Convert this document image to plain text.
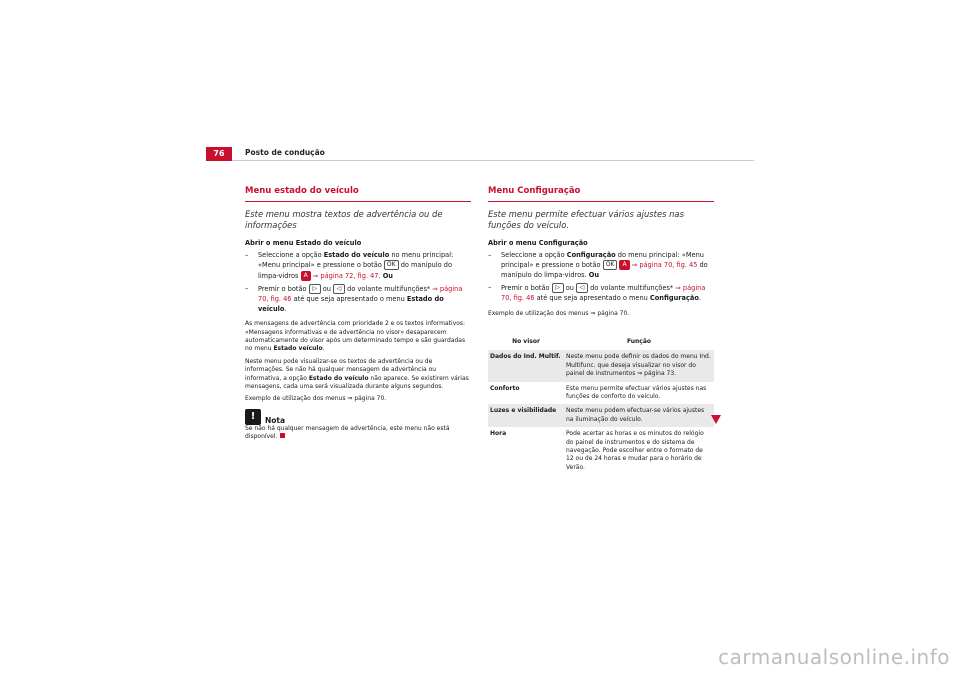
76	Posto de condução
Menu estado do veículo
Este menu mostra textos de advertência ou de informações
Abrir o menu Estado do veículo
– Seleccione a opção Estado do veículo no menu principal: «Menu principal» e pressione o botão OK do manípulo do limpa-vidros A ⇒ página 72, fig. 47. Ou
– Premir o botão ▷ ou ◁ do volante multifunções* ⇒ página 70, fig. 46 até que seja apresentado o menu Estado do veículo.

As mensagens de advertência com prioridade 2 e os textos informativos: «Mensagens informativas e de advertência no visor» desaparecem automaticamente do visor após um determinado tempo e são guardadas no menu Estado veículo.

Neste menu pode visualizar-se os textos de advertência ou de informações. Se não há qualquer mensagem de advertência ou informativa, a opção Estado do veículo não aparece. Se existirem várias mensagens, cada uma será visualizada durante alguns segundos.

Exemplo de utilização dos menus ⇒ página 70.

!	Nota
Se não há qualquer mensagem de advertência, este menu não está disponível.
Menu Configuração
Este menu permite efectuar vários ajustes nas funções do veículo.
Abrir o menu Configuração
– Seleccione a opção Configuração do menu principal: «Menu principal» e pressione o botão OK A ⇒ página 70, fig. 45 do manípulo do limpa-vidros. Ou
– Premir o botão ▷ ou ◁ do volante multifunções* ⇒ página 70, fig. 46 até que seja apresentado o menu Configuração.
Exemplo de utilização dos menus ⇒ página 70.
No visor	Função
Dados do Ind. Multif.	Neste menu pode definir os dados do menu Ind. Multifunc. que deseja visualizar no visor do painel de instrumentos ⇒ página 73.
Conforto	Este menu permite efectuar vários ajustes nas funções de conforto do veículo.
Luzes e visibilidade	Neste menu podem efectuar-se vários ajustes na iluminação do veículo.
Hora	Pode acertar as horas e os minutos do relógio do painel de instrumentos e do sistema de navegação. Pode escolher entre o formato de 12 ou de 24 horas e mudar para o horário de Verão.
carmanualsonline.info
